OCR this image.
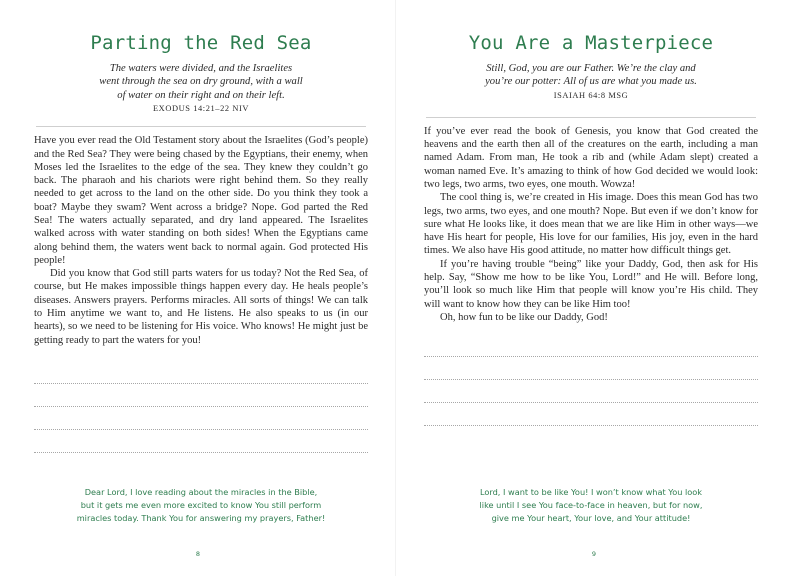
Parting the Red Sea
The waters were divided, and the Israelites
went through the sea on dry ground, with a wall
of water on their right and on their left.
EXODUS 14:21–22 NIV

Have you ever read the Old Testament story about the Israelites (God’s people) and the Red Sea? They were being chased by the Egyptians, their enemy, when Moses led the Israelites to the edge of the sea. They knew they couldn’t go back. The pharaoh and his chariots were right behind them. So they really needed to get across to the land on the other side. Do you think they took a boat? Maybe they swam? Went across a bridge? Nope. God parted the Red Sea! The waters actually separated, and dry land appeared. The Israelites walked across with water standing on both sides! When the Egyptians came along behind them, the waters went back to normal again. God protected His people!

Did you know that God still parts waters for us today? Not the Red Sea, of course, but He makes impossible things happen every day. He heals people’s diseases. Answers prayers. Performs miracles. All sorts of things! We can talk to Him anytime we want to, and He listens. He also speaks to us (in our hearts), so we need to be listening for His voice. Who knows! He might just be getting ready to part the waters for you!

Dear Lord, I love reading about the miracles in the Bible,
but it gets me even more excited to know You still perform
miracles today. Thank You for answering my prayers, Father!
8
You Are a Masterpiece
Still, God, you are our Father. We’re the clay and
you’re our potter: All of us are what you made us.
ISAIAH 64:8 MSG

If you’ve ever read the book of Genesis, you know that God created the heavens and the earth then all of the creatures on the earth, including a man named Adam. From man, He took a rib and (while Adam slept) created a woman named Eve. It’s amazing to think of how God decided we would look: two legs, two arms, two eyes, one mouth. Wowza!

The cool thing is, we’re created in His image. Does this mean God has two legs, two arms, two eyes, and one mouth? Nope. But even if we don’t know for sure what He looks like, it does mean that we are like Him in other ways—we have His heart for people, His love for our families, His joy, even in the hard times. We also have His good attitude, no matter how difficult things get.

If you’re having trouble “being” like your Daddy, God, then ask for His help. Say, “Show me how to be like You, Lord!” and He will. Before long, you’ll look so much like Him that people will know you’re His child. They will want to know how they can be like Him too!

Oh, how fun to be like our Daddy, God!

Lord, I want to be like You! I won’t know what You look
like until I see You face-to-face in heaven, but for now,
give me Your heart, Your love, and Your attitude!
9
